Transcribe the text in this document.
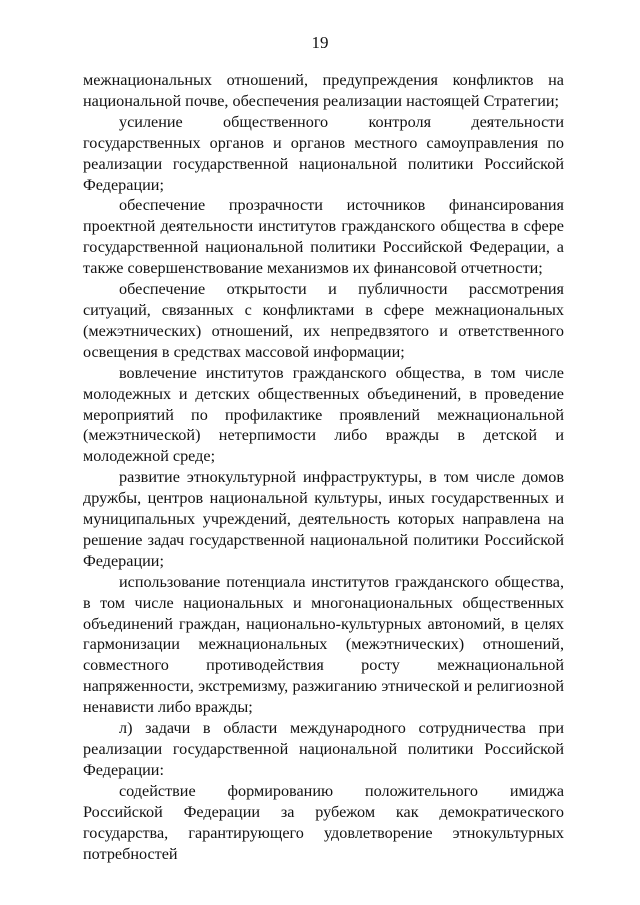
19

межнациональных отношений, предупреждения конфликтов на национальной почве, обеспечения реализации настоящей Стратегии;

усиление общественного контроля деятельности государственных органов и органов местного самоуправления по реализации государственной национальной политики Российской Федерации;

обеспечение прозрачности источников финансирования проектной деятельности институтов гражданского общества в сфере государственной национальной политики Российской Федерации, а также совершенствование механизмов их финансовой отчетности;

обеспечение открытости и публичности рассмотрения ситуаций, связанных с конфликтами в сфере межнациональных (межэтнических) отношений, их непредвзятого и ответственного освещения в средствах массовой информации;

вовлечение институтов гражданского общества, в том числе молодежных и детских общественных объединений, в проведение мероприятий по профилактике проявлений межнациональной (межэтнической) нетерпимости либо вражды в детской и молодежной среде;

развитие этнокультурной инфраструктуры, в том числе домов дружбы, центров национальной культуры, иных государственных и муниципальных учреждений, деятельность которых направлена на решение задач государственной национальной политики Российской Федерации;

использование потенциала институтов гражданского общества, в том числе национальных и многонациональных общественных объединений граждан, национально-культурных автономий, в целях гармонизации межнациональных (межэтнических) отношений, совместного противодействия росту межнациональной напряженности, экстремизму, разжиганию этнической и религиозной ненависти либо вражды;

л) задачи в области международного сотрудничества при реализации государственной национальной политики Российской Федерации:

содействие формированию положительного имиджа Российской Федерации за рубежом как демократического государства, гарантирующего удовлетворение этнокультурных потребностей
